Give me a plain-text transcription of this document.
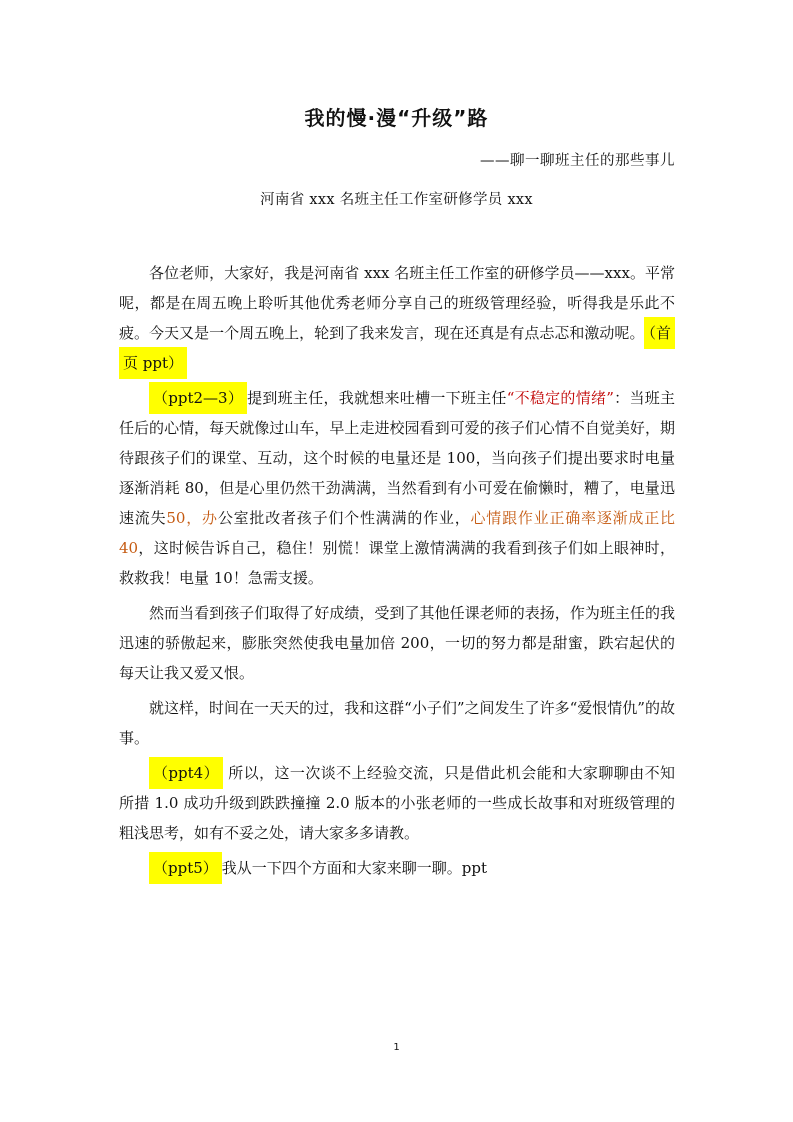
我的慢·漫“升级”路
——聊一聊班主任的那些事儿
河南省 xxx 名班主任工作室研修学员 xxx

各位老师，大家好，我是河南省 xxx 名班主任工作室的研修学员——xxx。平常呢，都是在周五晚上聆听其他优秀老师分享自己的班级管理经验，听得我是乐此不疲。今天又是一个周五晚上，轮到了我来发言，现在还真是有点忐忑和激动呢。 （首页 ppt）

（ppt2—3） 提到班主任，我就想来吐槽一下班主任“不稳定的情绪”：当班主任后的心情，每天就像过山车，早上走进校园看到可爱的孩子们心情不自觉美好，期待跟孩子们的课堂、互动，这个时候的电量还是 100，当向孩子们提出要求时电量逐渐消耗 80，但是心里仍然干劲满满，当然看到有小可爱在偷懒时，糟了，电量迅速流失50，办公室批改者孩子们个性满满的作业，心情跟作业正确率逐渐成正比 40，这时候告诉自己，稳住！别慌！课堂上激情满满的我看到孩子们如上眼神时，救救我！电量 10！急需支援。

然而当看到孩子们取得了好成绩，受到了其他任课老师的表扬，作为班主任的我迅速的骄傲起来，膨胀突然使我电量加倍 200，一切的努力都是甜蜜，跌宕起伏的每天让我又爱又恨。

就这样，时间在一天天的过，我和这群“小子们”之间发生了许多“爱恨情仇”的故事。

（ppt4） 所以，这一次谈不上经验交流，只是借此机会能和大家聊聊由不知所措 1.0 成功升级到跌跌撞撞 2.0 版本的小张老师的一些成长故事和对班级管理的粗浅思考，如有不妥之处，请大家多多请教。

（ppt5） 我从一下四个方面和大家来聊一聊。ppt

1
